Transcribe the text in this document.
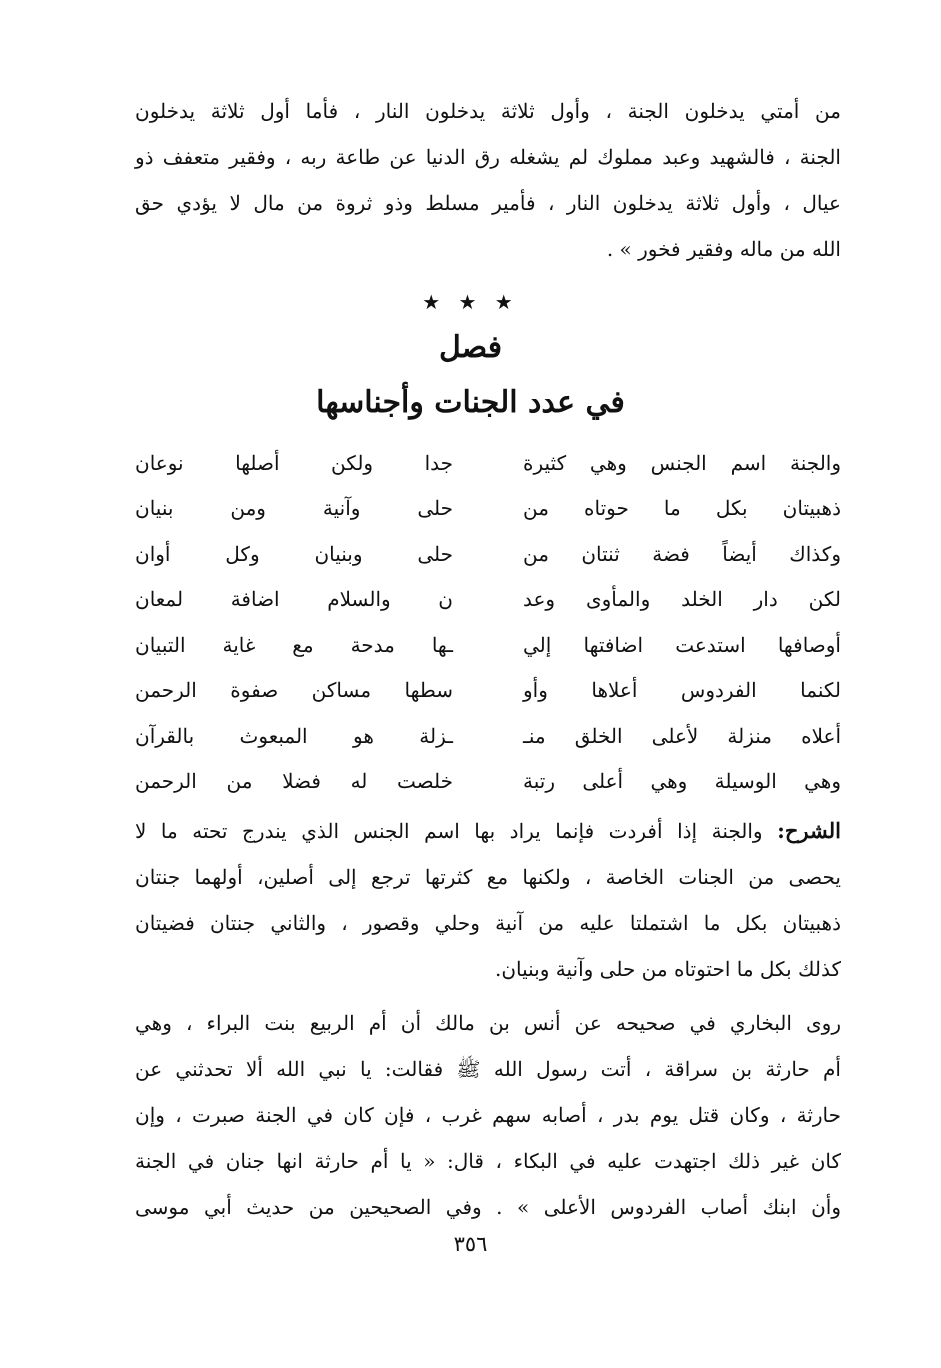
من أمتي يدخلون الجنة ، وأول ثلاثة يدخلون النار ، فأما أول ثلاثة يدخلون
الجنة ، فالشهيد وعبد مملوك لم يشغله رق الدنيا عن طاعة ربه ، وفقير متعفف ذو
عيال ، وأول ثلاثة يدخلون النار ، فأمير مسلط وذو ثروة من مال لا يؤدي حق
الله من ماله وفقير فخور » .
★ ★ ★
فصل
في عدد الجنات وأجناسها
والجنة اسم الجنس وهي كثيرة
جدا ولكن أصلها نوعان
ذهبيتان بكل ما حوتاه من
حلى وآنية ومن بنيان
وكذاك أيضاً فضة ثنتان من
حلى وبنيان وكل أوان
لكن دار الخلد والمأوى وعد
ن والسلام اضافة لمعان
أوصافها استدعت اضافتها إلي
ـها مدحة مع غاية التبيان
لكنما الفردوس أعلاها وأو
سطها مساكن صفوة الرحمن
أعلاه منزلة لأعلى الخلق منـ
ـزلة هو المبعوث بالقرآن
وهي الوسيلة وهي أعلى رتبة
خلصت له فضلا من الرحمن
الشرح: والجنة إذا أفردت فإنما يراد بها اسم الجنس الذي يندرج تحته ما لا
يحصى من الجنات الخاصة ، ولكنها مع كثرتها ترجع إلى أصلين، أولهما جنتان
ذهبيتان بكل ما اشتملتا عليه من آنية وحلي وقصور ، والثاني جنتان فضيتان
كذلك بكل ما احتوتاه من حلى وآنية وبنيان.
روى البخاري في صحيحه عن أنس بن مالك أن أم الربيع بنت البراء ، وهي
أم حارثة بن سراقة ، أتت رسول الله ﷺ فقالت: يا نبي الله ألا تحدثني عن
حارثة ، وكان قتل يوم بدر ، أصابه سهم غرب ، فإن كان في الجنة صبرت ، وإن
كان غير ذلك اجتهدت عليه في البكاء ، قال: « يا أم حارثة انها جنان في الجنة
وأن ابنك أصاب الفردوس الأعلى » . وفي الصحيحين من حديث أبي موسى
٣٥٦
